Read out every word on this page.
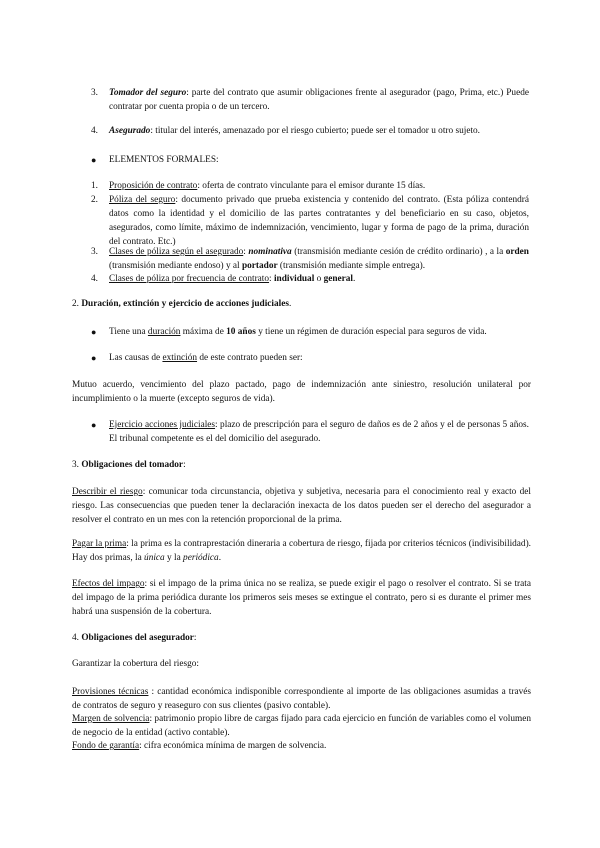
3. Tomador del seguro: parte del contrato que asumir obligaciones frente al asegurador (pago, Prima, etc.) Puede contratar por cuenta propia o de un tercero.
4. Asegurado: titular del interés, amenazado por el riesgo cubierto; puede ser el tomador u otro sujeto.
● ELEMENTOS FORMALES:
1. Proposición de contrato: oferta de contrato vinculante para el emisor durante 15 días.
2. Póliza del seguro: documento privado que prueba existencia y contenido del contrato. (Esta póliza contendrá datos como la identidad y el domicilio de las partes contratantes y del beneficiario en su caso, objetos, asegurados, como límite, máximo de indemnización, vencimiento, lugar y forma de pago de la prima, duración del contrato. Etc.)
3. Clases de póliza según el asegurado: nominativa (transmisión mediante cesión de crédito ordinario) , a la orden (transmisión mediante endoso) y al portador (transmisión mediante simple entrega).
4. Clases de póliza por frecuencia de contrato: individual o general.
2. Duración, extinción y ejercicio de acciones judiciales.
● Tiene una duración máxima de 10 años y tiene un régimen de duración especial para seguros de vida.
● Las causas de extinción de este contrato pueden ser:
Mutuo acuerdo, vencimiento del plazo pactado, pago de indemnización ante siniestro, resolución unilateral por incumplimiento o la muerte (excepto seguros de vida).
● Ejercicio acciones judiciales: plazo de prescripción para el seguro de daños es de 2 años y el de personas 5 años. El tribunal competente es el del domicilio del asegurado.
3. Obligaciones del tomador:
Describir el riesgo: comunicar toda circunstancia, objetiva y subjetiva, necesaria para el conocimiento real y exacto del riesgo. Las consecuencias que pueden tener la declaración inexacta de los datos pueden ser el derecho del asegurador a resolver el contrato en un mes con la retención proporcional de la prima.
Pagar la prima: la prima es la contraprestación dineraria a cobertura de riesgo, fijada por criterios técnicos (indivisibilidad). Hay dos primas, la única y la periódica.
Efectos del impago: si el impago de la prima única no se realiza, se puede exigir el pago o resolver el contrato. Si se trata del impago de la prima periódica durante los primeros seis meses se extingue el contrato, pero si es durante el primer mes habrá una suspensión de la cobertura.
4. Obligaciones del asegurador:
Garantizar la cobertura del riesgo:
Provisiones técnicas : cantidad económica indisponible correspondiente al importe de las obligaciones asumidas a través de contratos de seguro y reaseguro con sus clientes (pasivo contable).
Margen de solvencia: patrimonio propio libre de cargas fijado para cada ejercicio en función de variables como el volumen de negocio de la entidad (activo contable).
Fondo de garantía: cifra económica mínima de margen de solvencia.
